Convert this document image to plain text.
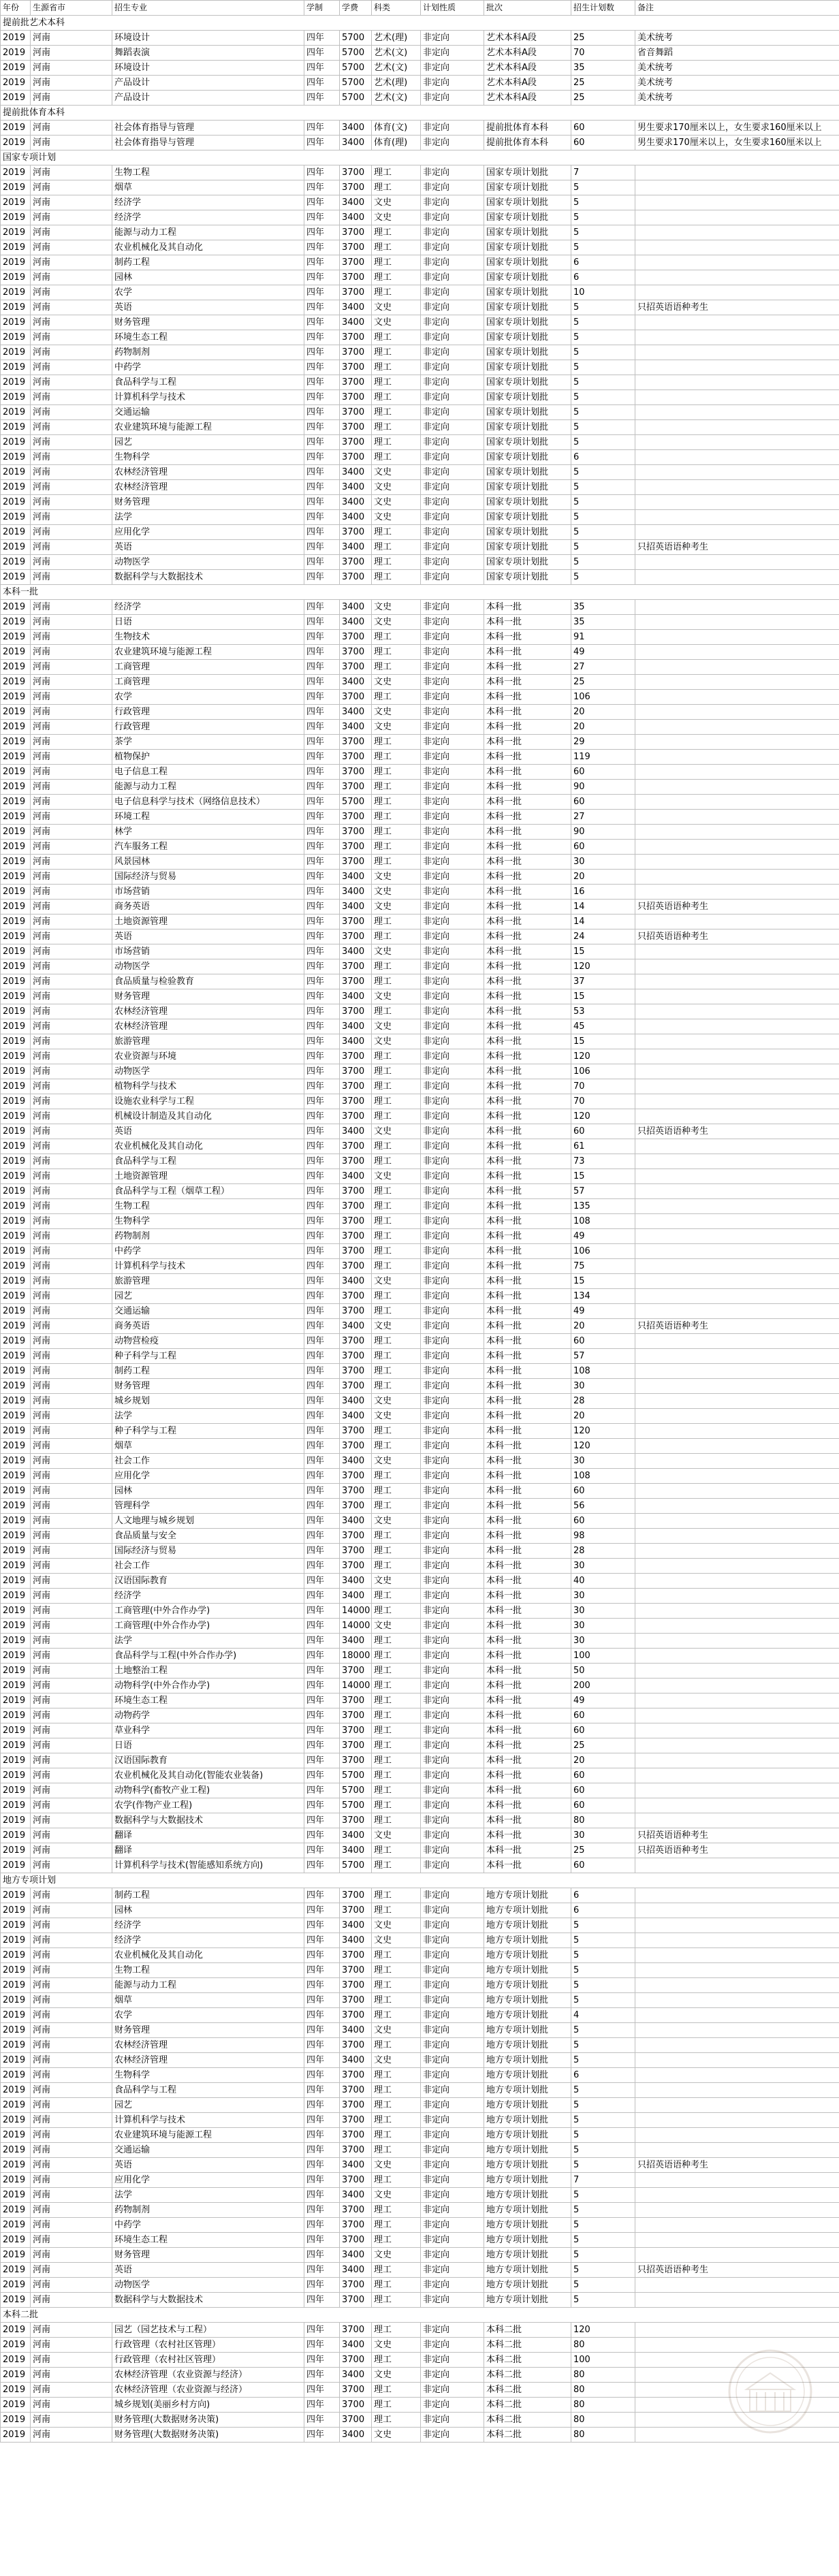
年份	生源省市	招生专业	学制	学费	科类	计划性质	批次	招生计划数	备注
提前批艺术本科									
2019	河南	环境设计	四年	5700	艺术(理)	非定向	艺术本科A段	25	美术统考
2019	河南	舞蹈表演	四年	5700	艺术(文)	非定向	艺术本科A段	70	省音舞蹈
2019	河南	环境设计	四年	5700	艺术(文)	非定向	艺术本科A段	35	美术统考
2019	河南	产品设计	四年	5700	艺术(理)	非定向	艺术本科A段	25	美术统考
2019	河南	产品设计	四年	5700	艺术(文)	非定向	艺术本科A段	25	美术统考
提前批体育本科									
2019	河南	社会体育指导与管理	四年	3400	体育(文)	非定向	提前批体育本科	60	男生要求170厘米以上，女生要求160厘米以上
2019	河南	社会体育指导与管理	四年	3400	体育(理)	非定向	提前批体育本科	60	男生要求170厘米以上，女生要求160厘米以上
国家专项计划									
2019	河南	生物工程	四年	3700	理工	非定向	国家专项计划批	7	
2019	河南	烟草	四年	3700	理工	非定向	国家专项计划批	5	
2019	河南	经济学	四年	3400	文史	非定向	国家专项计划批	5	
2019	河南	经济学	四年	3400	文史	非定向	国家专项计划批	5	
2019	河南	能源与动力工程	四年	3700	理工	非定向	国家专项计划批	5	
2019	河南	农业机械化及其自动化	四年	3700	理工	非定向	国家专项计划批	5	
2019	河南	制药工程	四年	3700	理工	非定向	国家专项计划批	6	
2019	河南	园林	四年	3700	理工	非定向	国家专项计划批	6	
2019	河南	农学	四年	3700	理工	非定向	国家专项计划批	10	
2019	河南	英语	四年	3400	文史	非定向	国家专项计划批	5	只招英语语种考生
2019	河南	财务管理	四年	3400	文史	非定向	国家专项计划批	5	
2019	河南	环境生态工程	四年	3700	理工	非定向	国家专项计划批	5	
2019	河南	药物制剂	四年	3700	理工	非定向	国家专项计划批	5	
2019	河南	中药学	四年	3700	理工	非定向	国家专项计划批	5	
2019	河南	食品科学与工程	四年	3700	理工	非定向	国家专项计划批	5	
2019	河南	计算机科学与技术	四年	3700	理工	非定向	国家专项计划批	5	
2019	河南	交通运输	四年	3700	理工	非定向	国家专项计划批	5	
2019	河南	农业建筑环境与能源工程	四年	3700	理工	非定向	国家专项计划批	5	
2019	河南	园艺	四年	3700	理工	非定向	国家专项计划批	5	
2019	河南	生物科学	四年	3700	理工	非定向	国家专项计划批	6	
2019	河南	农林经济管理	四年	3400	文史	非定向	国家专项计划批	5	
2019	河南	农林经济管理	四年	3400	文史	非定向	国家专项计划批	5	
2019	河南	财务管理	四年	3400	文史	非定向	国家专项计划批	5	
2019	河南	法学	四年	3400	文史	非定向	国家专项计划批	5	
2019	河南	应用化学	四年	3700	理工	非定向	国家专项计划批	5	
2019	河南	英语	四年	3400	理工	非定向	国家专项计划批	5	只招英语语种考生
2019	河南	动物医学	四年	3700	理工	非定向	国家专项计划批	5	
2019	河南	数据科学与大数据技术	四年	3700	理工	非定向	国家专项计划批	5	
本科一批									
2019	河南	经济学	四年	3400	文史	非定向	本科一批	35	
2019	河南	日语	四年	3400	文史	非定向	本科一批	35	
2019	河南	生物技术	四年	3700	理工	非定向	本科一批	91	
2019	河南	农业建筑环境与能源工程	四年	3700	理工	非定向	本科一批	49	
2019	河南	工商管理	四年	3700	理工	非定向	本科一批	27	
2019	河南	工商管理	四年	3400	文史	非定向	本科一批	25	
2019	河南	农学	四年	3700	理工	非定向	本科一批	106	
2019	河南	行政管理	四年	3400	文史	非定向	本科一批	20	
2019	河南	行政管理	四年	3400	文史	非定向	本科一批	20	
2019	河南	茶学	四年	3700	理工	非定向	本科一批	29	
2019	河南	植物保护	四年	3700	理工	非定向	本科一批	119	
2019	河南	电子信息工程	四年	3700	理工	非定向	本科一批	60	
2019	河南	能源与动力工程	四年	3700	理工	非定向	本科一批	90	
2019	河南	电子信息科学与技术（网络信息技术）	四年	5700	理工	非定向	本科一批	60	
2019	河南	环境工程	四年	3700	理工	非定向	本科一批	27	
2019	河南	林学	四年	3700	理工	非定向	本科一批	90	
2019	河南	汽车服务工程	四年	3700	理工	非定向	本科一批	60	
2019	河南	风景园林	四年	3700	理工	非定向	本科一批	30	
2019	河南	国际经济与贸易	四年	3400	文史	非定向	本科一批	20	
2019	河南	市场营销	四年	3400	文史	非定向	本科一批	16	
2019	河南	商务英语	四年	3400	文史	非定向	本科一批	14	只招英语语种考生
2019	河南	土地资源管理	四年	3700	理工	非定向	本科一批	14	
2019	河南	英语	四年	3700	理工	非定向	本科一批	24	只招英语语种考生
2019	河南	市场营销	四年	3400	文史	非定向	本科一批	15	
2019	河南	动物医学	四年	3700	理工	非定向	本科一批	120	
2019	河南	食品质量与检验教育	四年	3700	理工	非定向	本科一批	37	
2019	河南	财务管理	四年	3400	文史	非定向	本科一批	15	
2019	河南	农林经济管理	四年	3700	理工	非定向	本科一批	53	
2019	河南	农林经济管理	四年	3400	文史	非定向	本科一批	45	
2019	河南	旅游管理	四年	3400	文史	非定向	本科一批	15	
2019	河南	农业资源与环境	四年	3700	理工	非定向	本科一批	120	
2019	河南	动物医学	四年	3700	理工	非定向	本科一批	106	
2019	河南	植物科学与技术	四年	3700	理工	非定向	本科一批	70	
2019	河南	设施农业科学与工程	四年	3700	理工	非定向	本科一批	70	
2019	河南	机械设计制造及其自动化	四年	3700	理工	非定向	本科一批	120	
2019	河南	英语	四年	3400	文史	非定向	本科一批	60	只招英语语种考生
2019	河南	农业机械化及其自动化	四年	3700	理工	非定向	本科一批	61	
2019	河南	食品科学与工程	四年	3700	理工	非定向	本科一批	73	
2019	河南	土地资源管理	四年	3400	文史	非定向	本科一批	15	
2019	河南	食品科学与工程（烟草工程）	四年	3700	理工	非定向	本科一批	57	
2019	河南	生物工程	四年	3700	理工	非定向	本科一批	135	
2019	河南	生物科学	四年	3700	理工	非定向	本科一批	108	
2019	河南	药物制剂	四年	3700	理工	非定向	本科一批	49	
2019	河南	中药学	四年	3700	理工	非定向	本科一批	106	
2019	河南	计算机科学与技术	四年	3700	理工	非定向	本科一批	75	
2019	河南	旅游管理	四年	3400	文史	非定向	本科一批	15	
2019	河南	园艺	四年	3700	理工	非定向	本科一批	134	
2019	河南	交通运输	四年	3700	理工	非定向	本科一批	49	
2019	河南	商务英语	四年	3400	文史	非定向	本科一批	20	只招英语语种考生
2019	河南	动物营检疫	四年	3700	理工	非定向	本科一批	60	
2019	河南	种子科学与工程	四年	3700	理工	非定向	本科一批	57	
2019	河南	制药工程	四年	3700	理工	非定向	本科一批	108	
2019	河南	财务管理	四年	3700	理工	非定向	本科一批	30	
2019	河南	城乡规划	四年	3400	文史	非定向	本科一批	28	
2019	河南	法学	四年	3400	文史	非定向	本科一批	20	
2019	河南	种子科学与工程	四年	3700	理工	非定向	本科一批	120	
2019	河南	烟草	四年	3700	理工	非定向	本科一批	120	
2019	河南	社会工作	四年	3400	文史	非定向	本科一批	30	
2019	河南	应用化学	四年	3700	理工	非定向	本科一批	108	
2019	河南	园林	四年	3700	理工	非定向	本科一批	60	
2019	河南	管理科学	四年	3700	理工	非定向	本科一批	56	
2019	河南	人文地理与城乡规划	四年	3400	文史	非定向	本科一批	60	
2019	河南	食品质量与安全	四年	3700	理工	非定向	本科一批	98	
2019	河南	国际经济与贸易	四年	3700	理工	非定向	本科一批	28	
2019	河南	社会工作	四年	3700	理工	非定向	本科一批	30	
2019	河南	汉语国际教育	四年	3400	文史	非定向	本科一批	40	
2019	河南	经济学	四年	3400	理工	非定向	本科一批	30	
2019	河南	工商管理(中外合作办学)	四年	14000	理工	非定向	本科一批	30	
2019	河南	工商管理(中外合作办学)	四年	14000	文史	非定向	本科一批	30	
2019	河南	法学	四年	3400	理工	非定向	本科一批	30	
2019	河南	食品科学与工程(中外合作办学)	四年	18000	理工	非定向	本科一批	100	
2019	河南	土地整治工程	四年	3700	理工	非定向	本科一批	50	
2019	河南	动物科学(中外合作办学)	四年	14000	理工	非定向	本科一批	200	
2019	河南	环境生态工程	四年	3700	理工	非定向	本科一批	49	
2019	河南	动物药学	四年	3700	理工	非定向	本科一批	60	
2019	河南	草业科学	四年	3700	理工	非定向	本科一批	60	
2019	河南	日语	四年	3700	理工	非定向	本科一批	25	
2019	河南	汉语国际教育	四年	3700	理工	非定向	本科一批	20	
2019	河南	农业机械化及其自动化(智能农业装备)	四年	5700	理工	非定向	本科一批	60	
2019	河南	动物科学(畜牧产业工程)	四年	5700	理工	非定向	本科一批	60	
2019	河南	农学(作物产业工程)	四年	5700	理工	非定向	本科一批	60	
2019	河南	数据科学与大数据技术	四年	3700	理工	非定向	本科一批	80	
2019	河南	翻译	四年	3400	文史	非定向	本科一批	30	只招英语语种考生
2019	河南	翻译	四年	3400	理工	非定向	本科一批	25	只招英语语种考生
2019	河南	计算机科学与技术(智能感知系统方向)	四年	5700	理工	非定向	本科一批	60	
地方专项计划									
2019	河南	制药工程	四年	3700	理工	非定向	地方专项计划批	6	
2019	河南	园林	四年	3700	理工	非定向	地方专项计划批	6	
2019	河南	经济学	四年	3400	文史	非定向	地方专项计划批	5	
2019	河南	经济学	四年	3400	文史	非定向	地方专项计划批	5	
2019	河南	农业机械化及其自动化	四年	3700	理工	非定向	地方专项计划批	5	
2019	河南	生物工程	四年	3700	理工	非定向	地方专项计划批	5	
2019	河南	能源与动力工程	四年	3700	理工	非定向	地方专项计划批	5	
2019	河南	烟草	四年	3700	理工	非定向	地方专项计划批	5	
2019	河南	农学	四年	3700	理工	非定向	地方专项计划批	4	
2019	河南	财务管理	四年	3400	文史	非定向	地方专项计划批	5	
2019	河南	农林经济管理	四年	3700	理工	非定向	地方专项计划批	5	
2019	河南	农林经济管理	四年	3400	文史	非定向	地方专项计划批	5	
2019	河南	生物科学	四年	3700	理工	非定向	地方专项计划批	6	
2019	河南	食品科学与工程	四年	3700	理工	非定向	地方专项计划批	5	
2019	河南	园艺	四年	3700	理工	非定向	地方专项计划批	5	
2019	河南	计算机科学与技术	四年	3700	理工	非定向	地方专项计划批	5	
2019	河南	农业建筑环境与能源工程	四年	3700	理工	非定向	地方专项计划批	5	
2019	河南	交通运输	四年	3700	理工	非定向	地方专项计划批	5	
2019	河南	英语	四年	3400	文史	非定向	地方专项计划批	5	只招英语语种考生
2019	河南	应用化学	四年	3700	理工	非定向	地方专项计划批	7	
2019	河南	法学	四年	3400	文史	非定向	地方专项计划批	5	
2019	河南	药物制剂	四年	3700	理工	非定向	地方专项计划批	5	
2019	河南	中药学	四年	3700	理工	非定向	地方专项计划批	5	
2019	河南	环境生态工程	四年	3700	理工	非定向	地方专项计划批	5	
2019	河南	财务管理	四年	3400	文史	非定向	地方专项计划批	5	
2019	河南	英语	四年	3400	理工	非定向	地方专项计划批	5	只招英语语种考生
2019	河南	动物医学	四年	3700	理工	非定向	地方专项计划批	5	
2019	河南	数据科学与大数据技术	四年	3700	理工	非定向	地方专项计划批	5	
本科二批									
2019	河南	园艺（园艺技术与工程）	四年	3700	理工	非定向	本科二批	120	
2019	河南	行政管理（农村社区管理）	四年	3400	文史	非定向	本科二批	80	
2019	河南	行政管理（农村社区管理）	四年	3700	理工	非定向	本科二批	100	
2019	河南	农林经济管理（农业资源与经济）	四年	3400	文史	非定向	本科二批	80	
2019	河南	农林经济管理（农业资源与经济）	四年	3700	理工	非定向	本科二批	80	
2019	河南	城乡规划(美丽乡村方向)	四年	3700	理工	非定向	本科二批	80	
2019	河南	财务管理(大数据财务决策)	四年	3700	理工	非定向	本科二批	80	
2019	河南	财务管理(大数据财务决策)	四年	3400	文史	非定向	本科二批	80	
